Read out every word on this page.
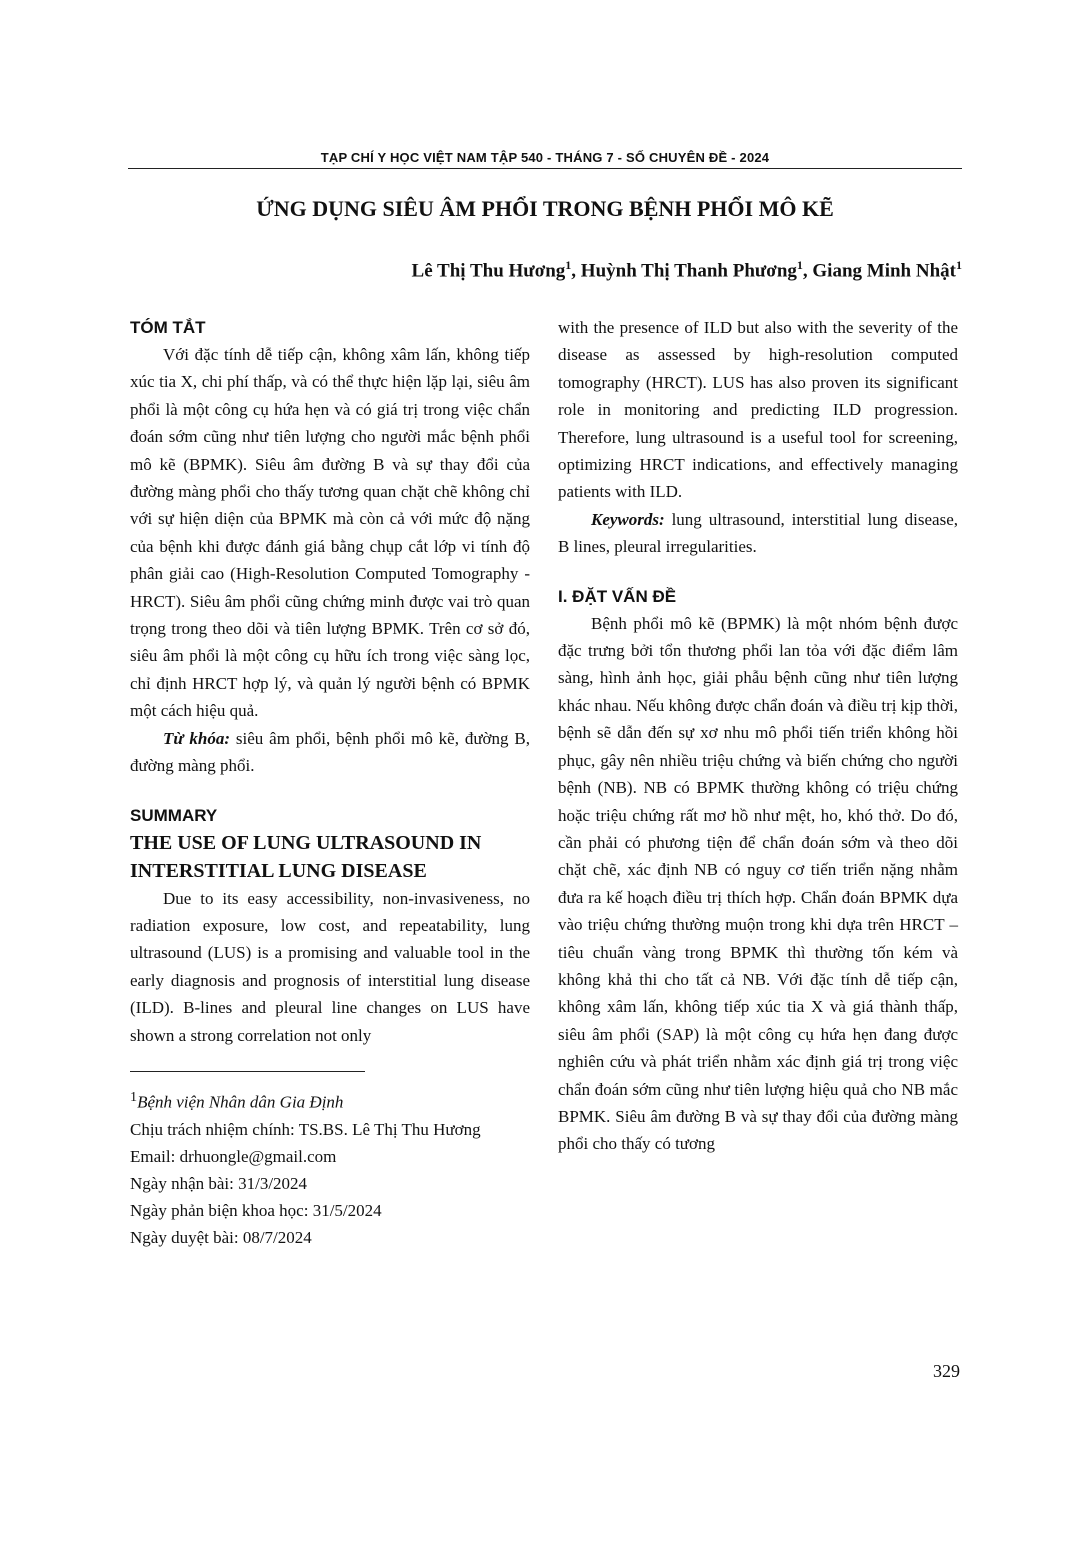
TẠP CHÍ Y HỌC VIỆT NAM TẬP 540 - THÁNG 7 - SỐ CHUYÊN ĐỀ - 2024
ỨNG DỤNG SIÊU ÂM PHỔI TRONG BỆNH PHỔI MÔ KẼ
Lê Thị Thu Hương$^1$, Huỳnh Thị Thanh Phương$^1$, Giang Minh Nhật$^1$

TÓM TẮT

Với đặc tính dễ tiếp cận, không xâm lấn, không tiếp xúc tia X, chi phí thấp, và có thể thực hiện lặp lại, siêu âm phổi là một công cụ hứa hẹn và có giá trị trong việc chẩn đoán sớm cũng như tiên lượng cho người mắc bệnh phổi mô kẽ (BPMK). Siêu âm đường B và sự thay đổi của đường màng phổi cho thấy tương quan chặt chẽ không chỉ với sự hiện diện của BPMK mà còn cả với mức độ nặng của bệnh khi được đánh giá bằng chụp cắt lớp vi tính độ phân giải cao (High-Resolution Computed Tomography - HRCT). Siêu âm phổi cũng chứng minh được vai trò quan trọng trong theo dõi và tiên lượng BPMK. Trên cơ sở đó, siêu âm phổi là một công cụ hữu ích trong việc sàng lọc, chỉ định HRCT hợp lý, và quản lý người bệnh có BPMK một cách hiệu quả.

Từ khóa: siêu âm phổi, bệnh phổi mô kẽ, đường B, đường màng phổi.

SUMMARY

THE USE OF LUNG ULTRASOUND IN

INTERSTITIAL LUNG DISEASE

Due to its easy accessibility, non-invasiveness, no radiation exposure, low cost, and repeatability, lung ultrasound (LUS) is a promising and valuable tool in the early diagnosis and prognosis of interstitial lung disease (ILD). B-lines and pleural line changes on LUS have shown a strong correlation not only

$^1$Bệnh viện Nhân dân Gia Định

Chịu trách nhiệm chính: TS.BS. Lê Thị Thu Hương

Email: drhuongle@gmail.com

Ngày nhận bài: 31/3/2024

Ngày phản biện khoa học: 31/5/2024

Ngày duyệt bài: 08/7/2024

with the presence of ILD but also with the severity of the disease as assessed by high-resolution computed tomography (HRCT). LUS has also proven its significant role in monitoring and predicting ILD progression. Therefore, lung ultrasound is a useful tool for screening, optimizing HRCT indications, and effectively managing patients with ILD.

Keywords: lung ultrasound, interstitial lung disease, B lines, pleural irregularities.

I. ĐẶT VẤN ĐỀ

Bệnh phổi mô kẽ (BPMK) là một nhóm bệnh được đặc trưng bởi tổn thương phổi lan tỏa với đặc điểm lâm sàng, hình ảnh học, giải phẫu bệnh cũng như tiên lượng khác nhau. Nếu không được chẩn đoán và điều trị kịp thời, bệnh sẽ dẫn đến sự xơ nhu mô phổi tiến triển không hồi phục, gây nên nhiều triệu chứng và biến chứng cho người bệnh (NB). NB có BPMK thường không có triệu chứng hoặc triệu chứng rất mơ hồ như mệt, ho, khó thở. Do đó, cần phải có phương tiện để chẩn đoán sớm và theo dõi chặt chẽ, xác định NB có nguy cơ tiến triển nặng nhằm đưa ra kế hoạch điều trị thích hợp. Chẩn đoán BPMK dựa vào triệu chứng thường muộn trong khi dựa trên HRCT – tiêu chuẩn vàng trong BPMK thì thường tốn kém và không khả thi cho tất cả NB. Với đặc tính dễ tiếp cận, không xâm lấn, không tiếp xúc tia X và giá thành thấp, siêu âm phổi (SAP) là một công cụ hứa hẹn đang được nghiên cứu và phát triển nhằm xác định giá trị trong việc chẩn đoán sớm cũng như tiên lượng hiệu quả cho NB mắc BPMK. Siêu âm đường B và sự thay đổi của đường màng phổi cho thấy có tương

329
